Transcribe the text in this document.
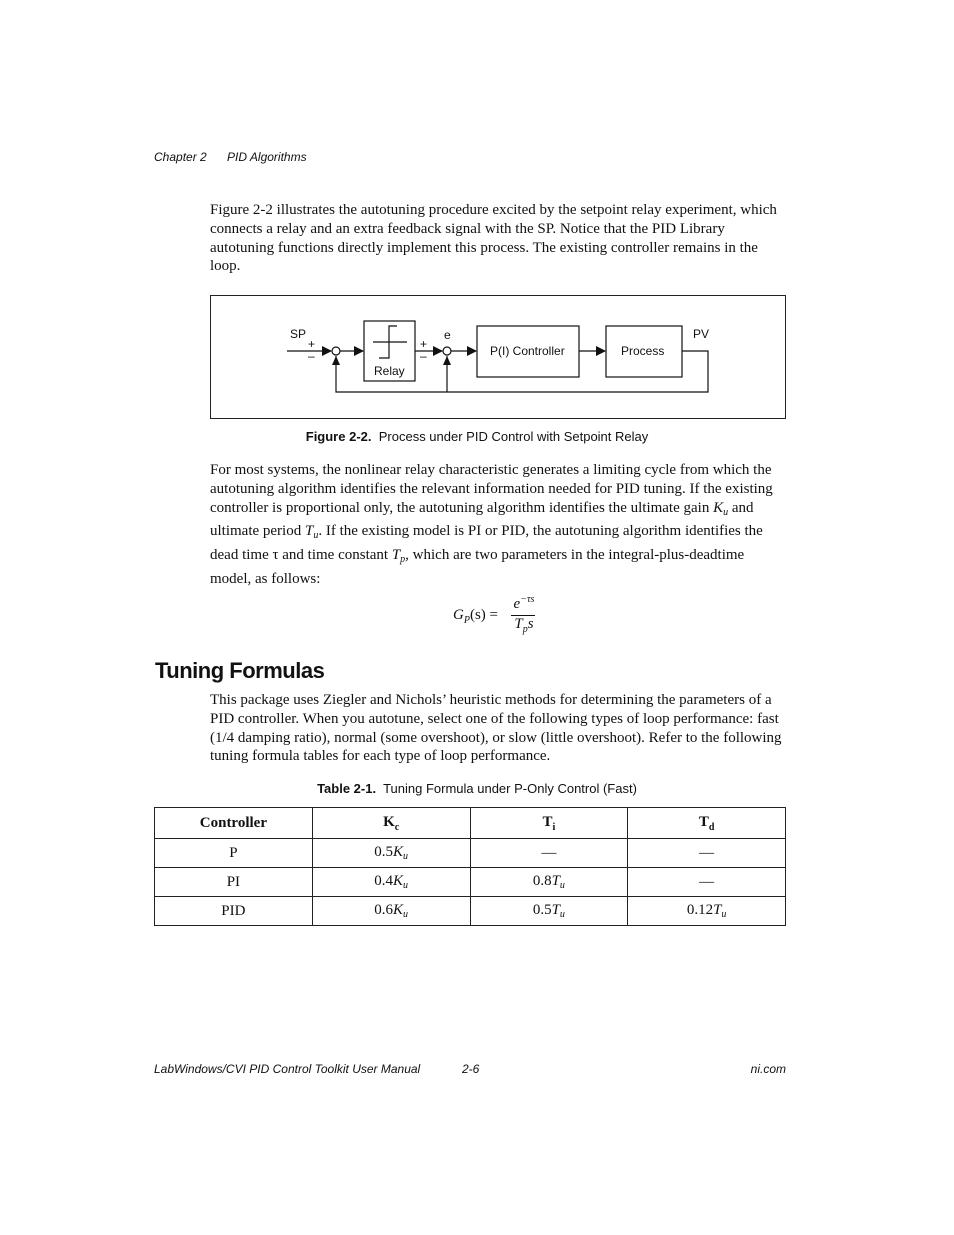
Chapter 2 PID Algorithms

Figure 2-2 illustrates the autotuning procedure excited by the setpoint relay experiment, which connects a relay and an extra feedback signal with the SP. Notice that the PID Library autotuning functions directly implement this process. The existing controller remains in the loop.

SP
+
–
Relay
e
+
–	P(I) Controller	Process
PV
Figure 2-2. Process under PID Control with Setpoint Relay

For most systems, the nonlinear relay characteristic generates a limiting cycle from which the autotuning algorithm identifies the relevant information needed for PID tuning. If the existing controller is proportional only, the autotuning algorithm identifies the ultimate gain $K_u$ and ultimate period $T_u$. If the existing model is PI or PID, the autotuning algorithm identifies the dead time τ and time constant $T_p$, which are two parameters in the integral-plus-deadtime model, as follows:

$G_P(s)$ =
$e^{-\tau s}$
$T_ps$
Tuning Formulas

This package uses Ziegler and Nichols’ heuristic methods for determining the parameters of a PID controller. When you autotune, select one of the following types of loop performance: fast (1/4 damping ratio), normal (some overshoot), or slow (little overshoot). Refer to the following tuning formula tables for each type of loop performance.

Table 2-1. Tuning Formula under P-Only Control (Fast)
Controller	$K_c$	$T_i$	$T_d$
P	$0.5K_u$	—	—
PI	$0.4K_u$	$0.8T_u$	—
PID	$0.6K_u$	$0.5T_u$	$0.12T_u$
LabWindows/CVI PID Control Toolkit User Manual	2-6	ni.com
